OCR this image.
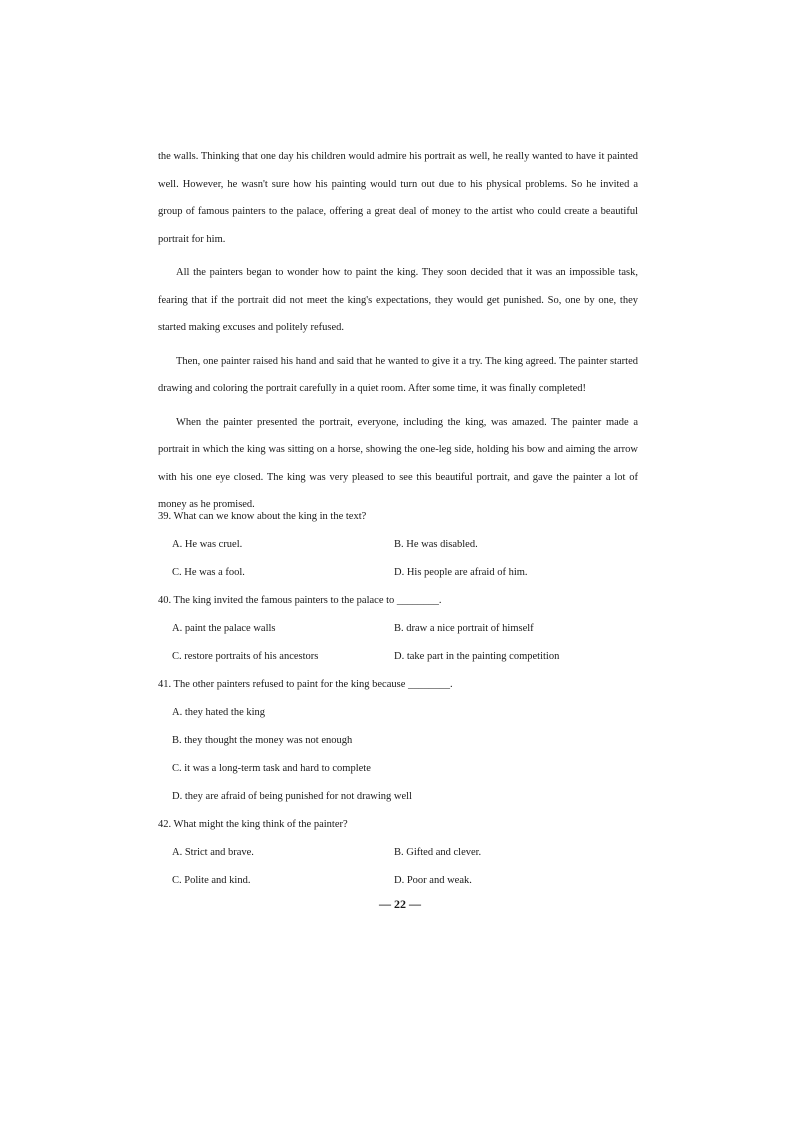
the walls. Thinking that one day his children would admire his portrait as well, he really wanted to have it painted well. However, he wasn't sure how his painting would turn out due to his physical problems. So he invited a group of famous painters to the palace, offering a great deal of money to the artist who could create a beautiful portrait for him.

All the painters began to wonder how to paint the king. They soon decided that it was an impossible task, fearing that if the portrait did not meet the king's expectations, they would get punished. So, one by one, they started making excuses and politely refused.

Then, one painter raised his hand and said that he wanted to give it a try. The king agreed. The painter started drawing and coloring the portrait carefully in a quiet room. After some time, it was finally completed!

When the painter presented the portrait, everyone, including the king, was amazed. The painter made a portrait in which the king was sitting on a horse, showing the one-leg side, holding his bow and aiming the arrow with his one eye closed. The king was very pleased to see this beautiful portrait, and gave the painter a lot of money as he promised.

39. What can we know about the king in the text?
A. He was cruel.	B. He was disabled.
C. He was a fool.	D. His people are afraid of him.
40. The king invited the famous painters to the palace to ________.
A. paint the palace walls	B. draw a nice portrait of himself
C. restore portraits of his ancestors	D. take part in the painting competition
41. The other painters refused to paint for the king because ________.
A. they hated the king
B. they thought the money was not enough
C. it was a long-term task and hard to complete
D. they are afraid of being punished for not drawing well
42. What might the king think of the painter?
A. Strict and brave.	B. Gifted and clever.
C. Polite and kind.	D. Poor and weak.
— 22 —
